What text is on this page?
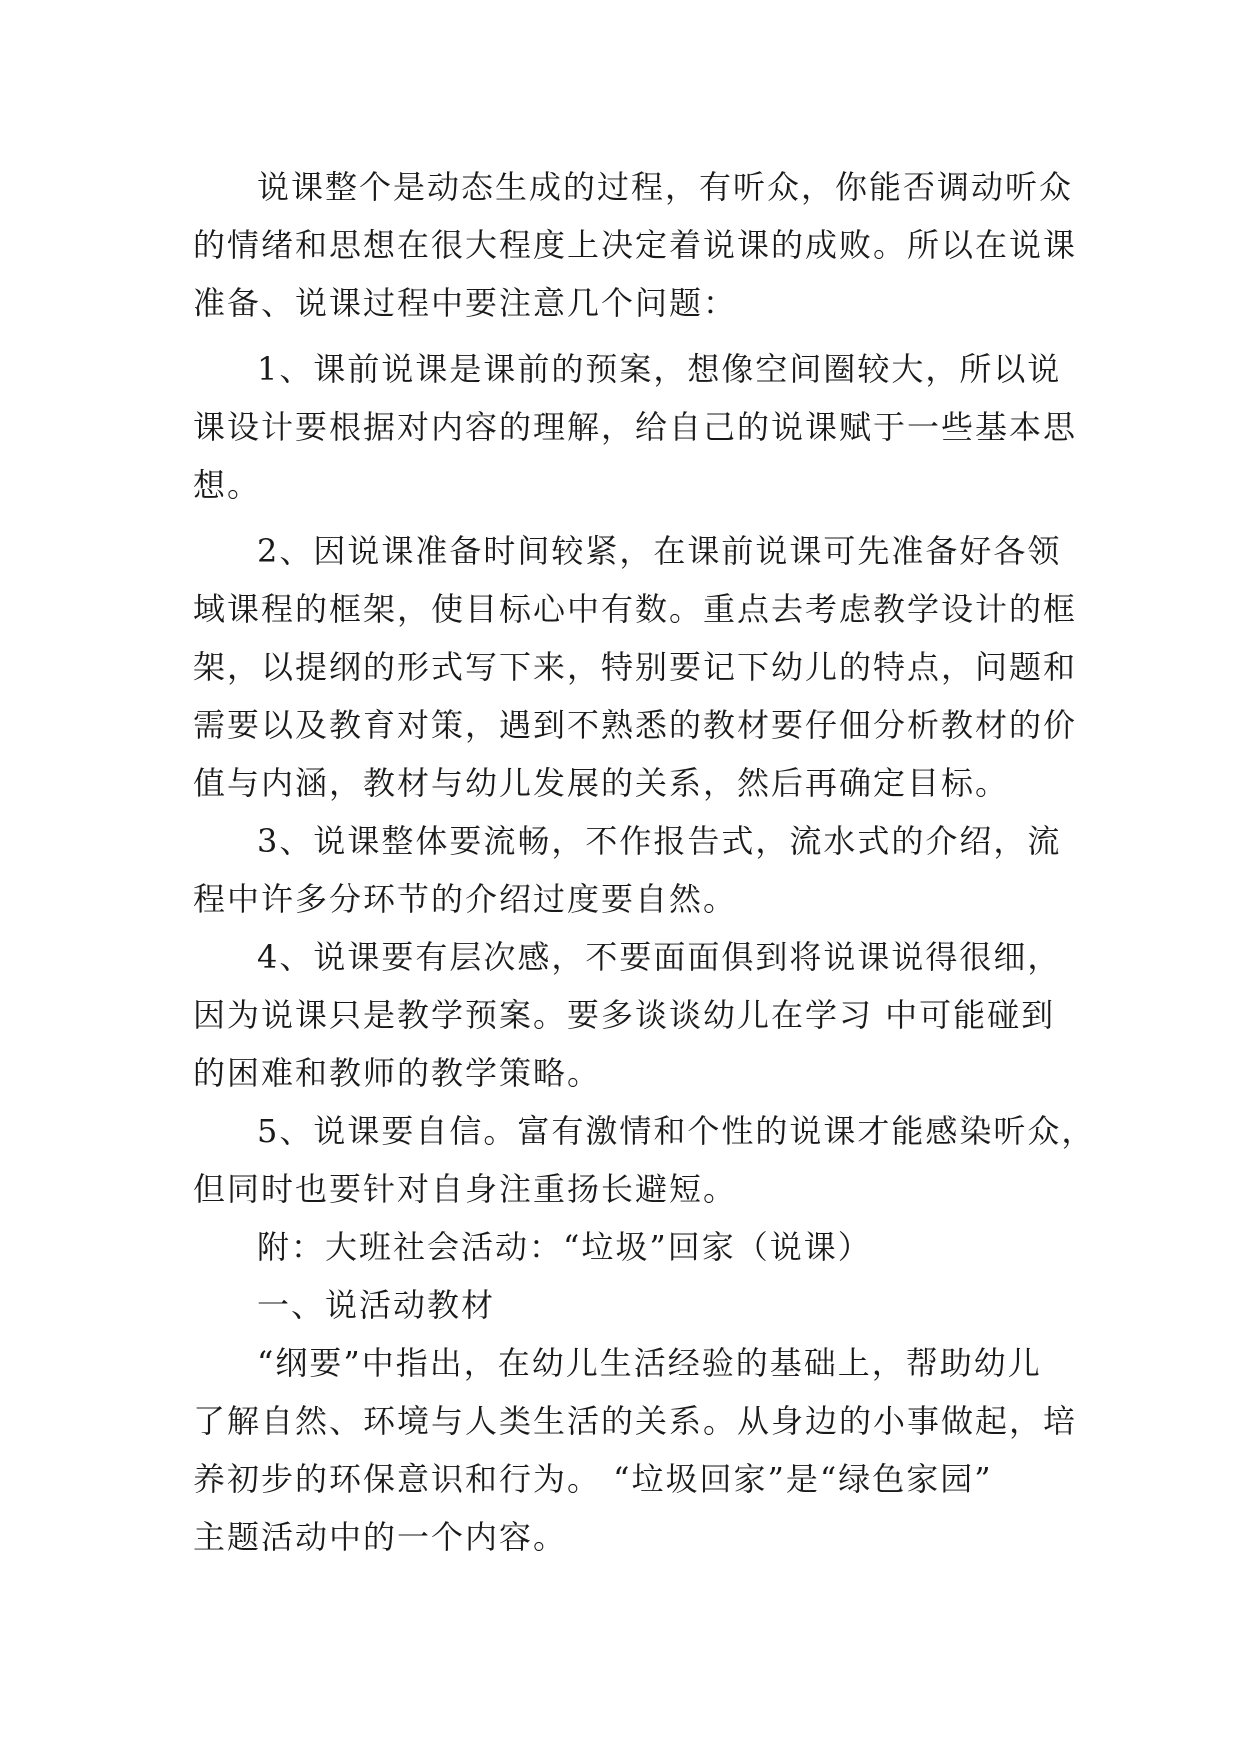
说课整个是动态生成的过程，有听众，你能否调动听众
的情绪和思想在很大程度上决定着说课的成败。所以在说课
准备、说课过程中要注意几个问题：
1、课前说课是课前的预案，想像空间圈较大，所以说
课设计要根据对内容的理解，给自己的说课赋于一些基本思
想。
2、因说课准备时间较紧，在课前说课可先准备好各领
域课程的框架，使目标心中有数。重点去考虑教学设计的框
架，以提纲的形式写下来，特别要记下幼儿的特点，问题和
需要以及教育对策，遇到不熟悉的教材要仔佃分析教材的价
值与内涵，教材与幼儿发展的关系，然后再确定目标。
3、说课整体要流畅，不作报告式，流水式的介绍，流
程中许多分环节的介绍过度要自然。
4、说课要有层次感，不要面面俱到将说课说得很细，
因为说课只是教学预案。要多谈谈幼儿在学习 中可能碰到
的困难和教师的教学策略。
5、说课要自信。富有激情和个性的说课才能感染听众，
但同时也要针对自身注重扬长避短。
附：大班社会活动：“垃圾”回家（说课）
一、说活动教材
“纲要”中指出，在幼儿生活经验的基础上，帮助幼儿
了解自然、环境与人类生活的关系。从身边的小事做起，培
养初步的环保意识和行为。 “垃圾回家”是“绿色家园”
主题活动中的一个内容。
